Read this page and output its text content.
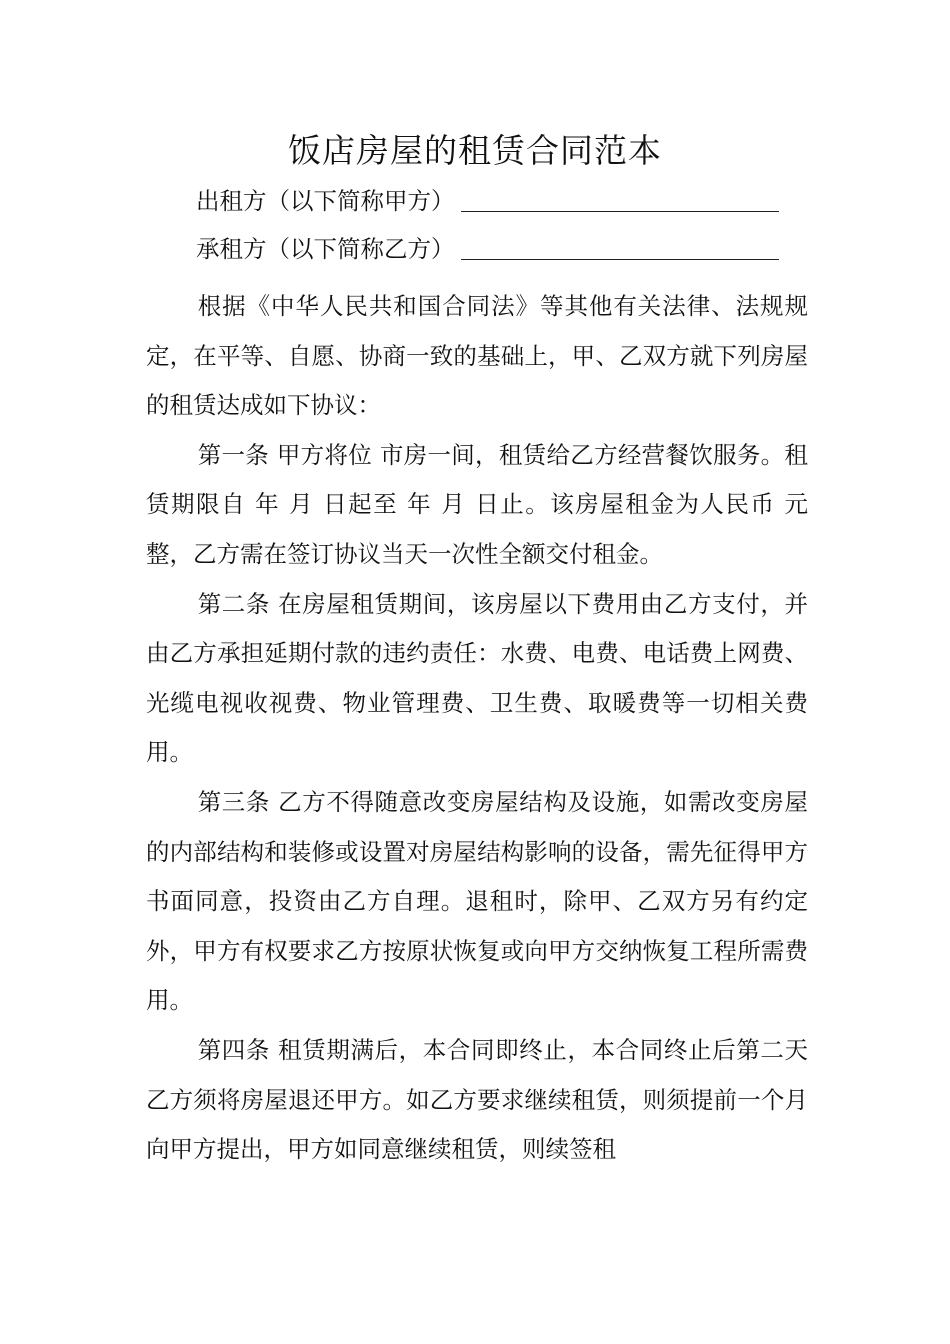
饭店房屋的租赁合同范本
出租方（以下简称甲方）
承租方（以下简称乙方）

根据《中华人民共和国合同法》等其他有关法律、法规规定，在平等、自愿、协商一致的基础上，甲、乙双方就下列房屋的租赁达成如下协议：

第一条 甲方将位 市房一间，租赁给乙方经营餐饮服务。租赁期限自 年 月 日起至 年 月 日止。该房屋租金为人民币 元整，乙方需在签订协议当天一次性全额交付租金。

第二条 在房屋租赁期间，该房屋以下费用由乙方支付，并由乙方承担延期付款的违约责任：水费、电费、电话费上网费、光缆电视收视费、物业管理费、卫生费、取暖费等一切相关费用。

第三条 乙方不得随意改变房屋结构及设施，如需改变房屋的内部结构和装修或设置对房屋结构影响的设备，需先征得甲方书面同意，投资由乙方自理。退租时，除甲、乙双方另有约定外，甲方有权要求乙方按原状恢复或向甲方交纳恢复工程所需费用。

第四条 租赁期满后，本合同即终止，本合同终止后第二天乙方须将房屋退还甲方。如乙方要求继续租赁，则须提前一个月向甲方提出，甲方如同意继续租赁，则续签租
